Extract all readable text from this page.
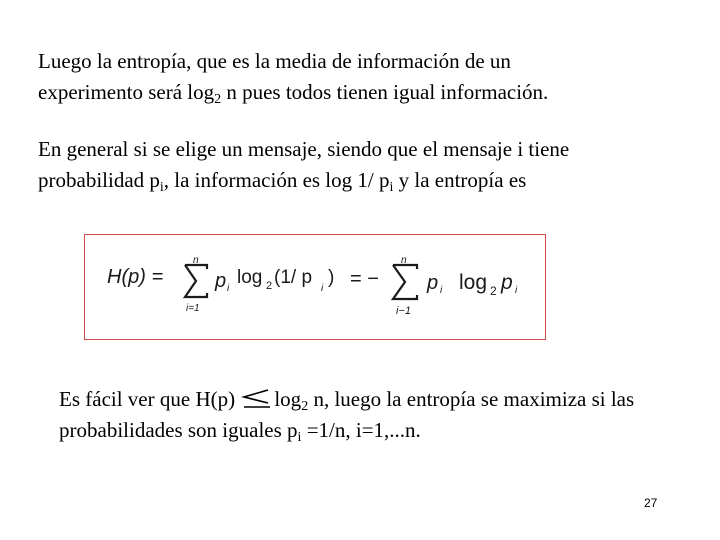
Luego la entropía, que es la media de información de un
experimento será $\log_2 n$ pues todos tienen igual información.

En general si se elige un mensaje, siendo que el mensaje i tiene
probabilidad $p_i$, la información es log 1/ $p_i$ y la entropía es

H(p) =
n
i=1
p i
log 2 (1/ p
i
) = −
n
i−1
p i log 2 p i

Es fácil ver que H(p) $\log_2 n$, luego la entropía se maximiza si las
probabilidades son iguales $p_i =1/n$, i=1,...n.

27
